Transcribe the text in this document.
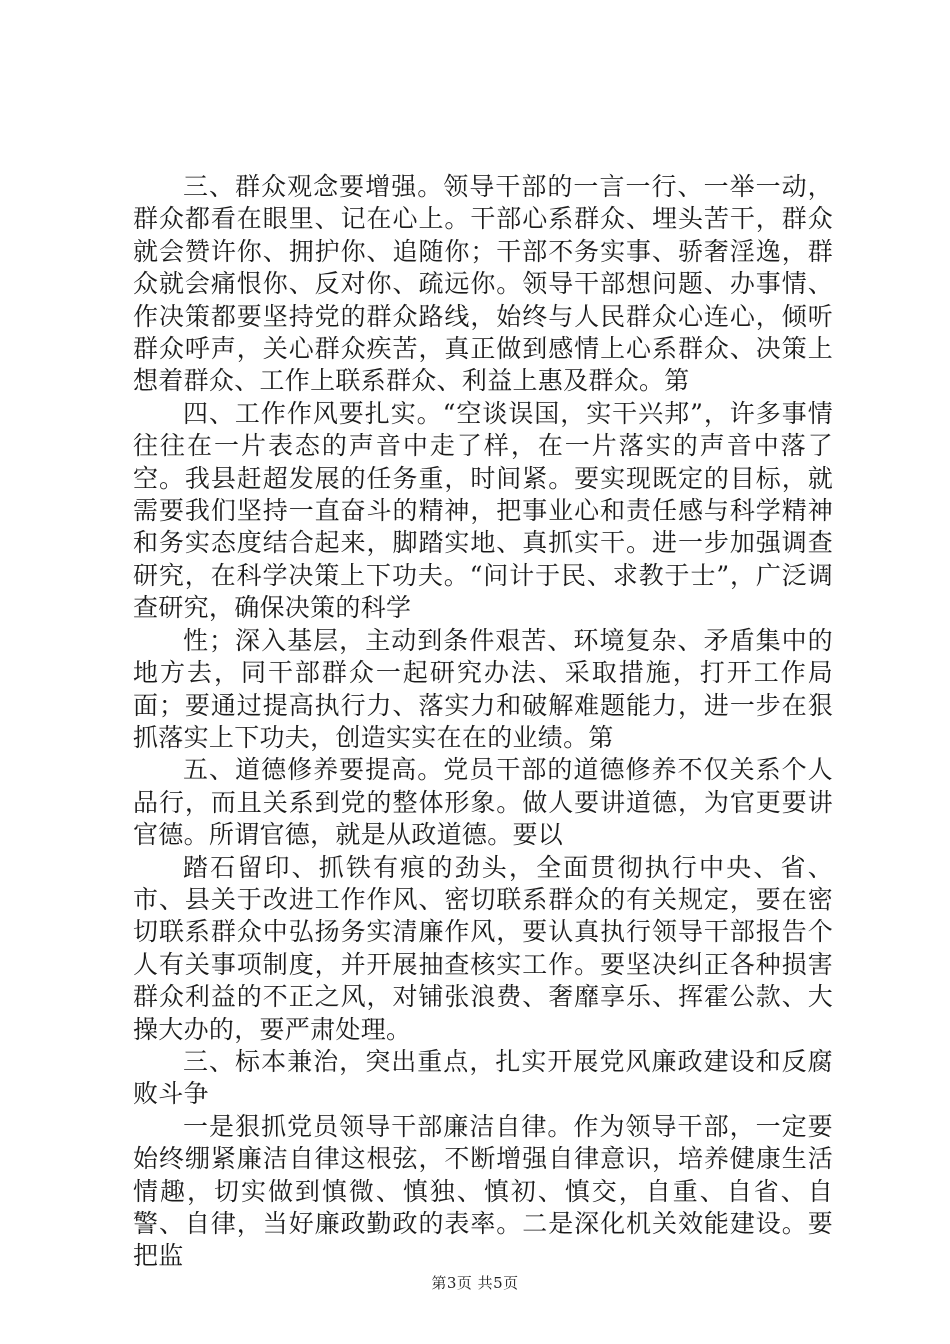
三、群众观念要增强。领导干部的一言一行、一举一动，群众都看在眼里、记在心上。干部心系群众、埋头苦干，群众就会赞许你、拥护你、追随你；干部不务实事、骄奢淫逸，群众就会痛恨你、反对你、疏远你。领导干部想问题、办事情、作决策都要坚持党的群众路线，始终与人民群众心连心，倾听群众呼声，关心群众疾苦，真正做到感情上心系群众、决策上想着群众、工作上联系群众、利益上惠及群众。第

四、工作作风要扎实。“空谈误国，实干兴邦”，许多事情往往在一片表态的声音中走了样，在一片落实的声音中落了空。我县赶超发展的任务重，时间紧。要实现既定的目标，就需要我们坚持一直奋斗的精神，把事业心和责任感与科学精神和务实态度结合起来，脚踏实地、真抓实干。进一步加强调查研究，在科学决策上下功夫。“问计于民、求教于士”，广泛调查研究，确保决策的科学

性；深入基层，主动到条件艰苦、环境复杂、矛盾集中的地方去，同干部群众一起研究办法、采取措施，打开工作局面；要通过提高执行力、落实力和破解难题能力，进一步在狠抓落实上下功夫，创造实实在在的业绩。第

五、道德修养要提高。党员干部的道德修养不仅关系个人品行，而且关系到党的整体形象。做人要讲道德，为官更要讲官德。所谓官德，就是从政道德。要以

踏石留印、抓铁有痕的劲头，全面贯彻执行中央、省、市、县关于改进工作作风、密切联系群众的有关规定，要在密切联系群众中弘扬务实清廉作风，要认真执行领导干部报告个人有关事项制度，并开展抽查核实工作。要坚决纠正各种损害群众利益的不正之风，对铺张浪费、奢靡享乐、挥霍公款、大操大办的，要严肃处理。

三、标本兼治，突出重点，扎实开展党风廉政建设和反腐败斗争

一是狠抓党员领导干部廉洁自律。作为领导干部，一定要始终绷紧廉洁自律这根弦，不断增强自律意识，培养健康生活情趣，切实做到慎微、慎独、慎初、慎交，自重、自省、自警、自律，当好廉政勤政的表率。二是深化机关效能建设。要把监

第3页 共5页
